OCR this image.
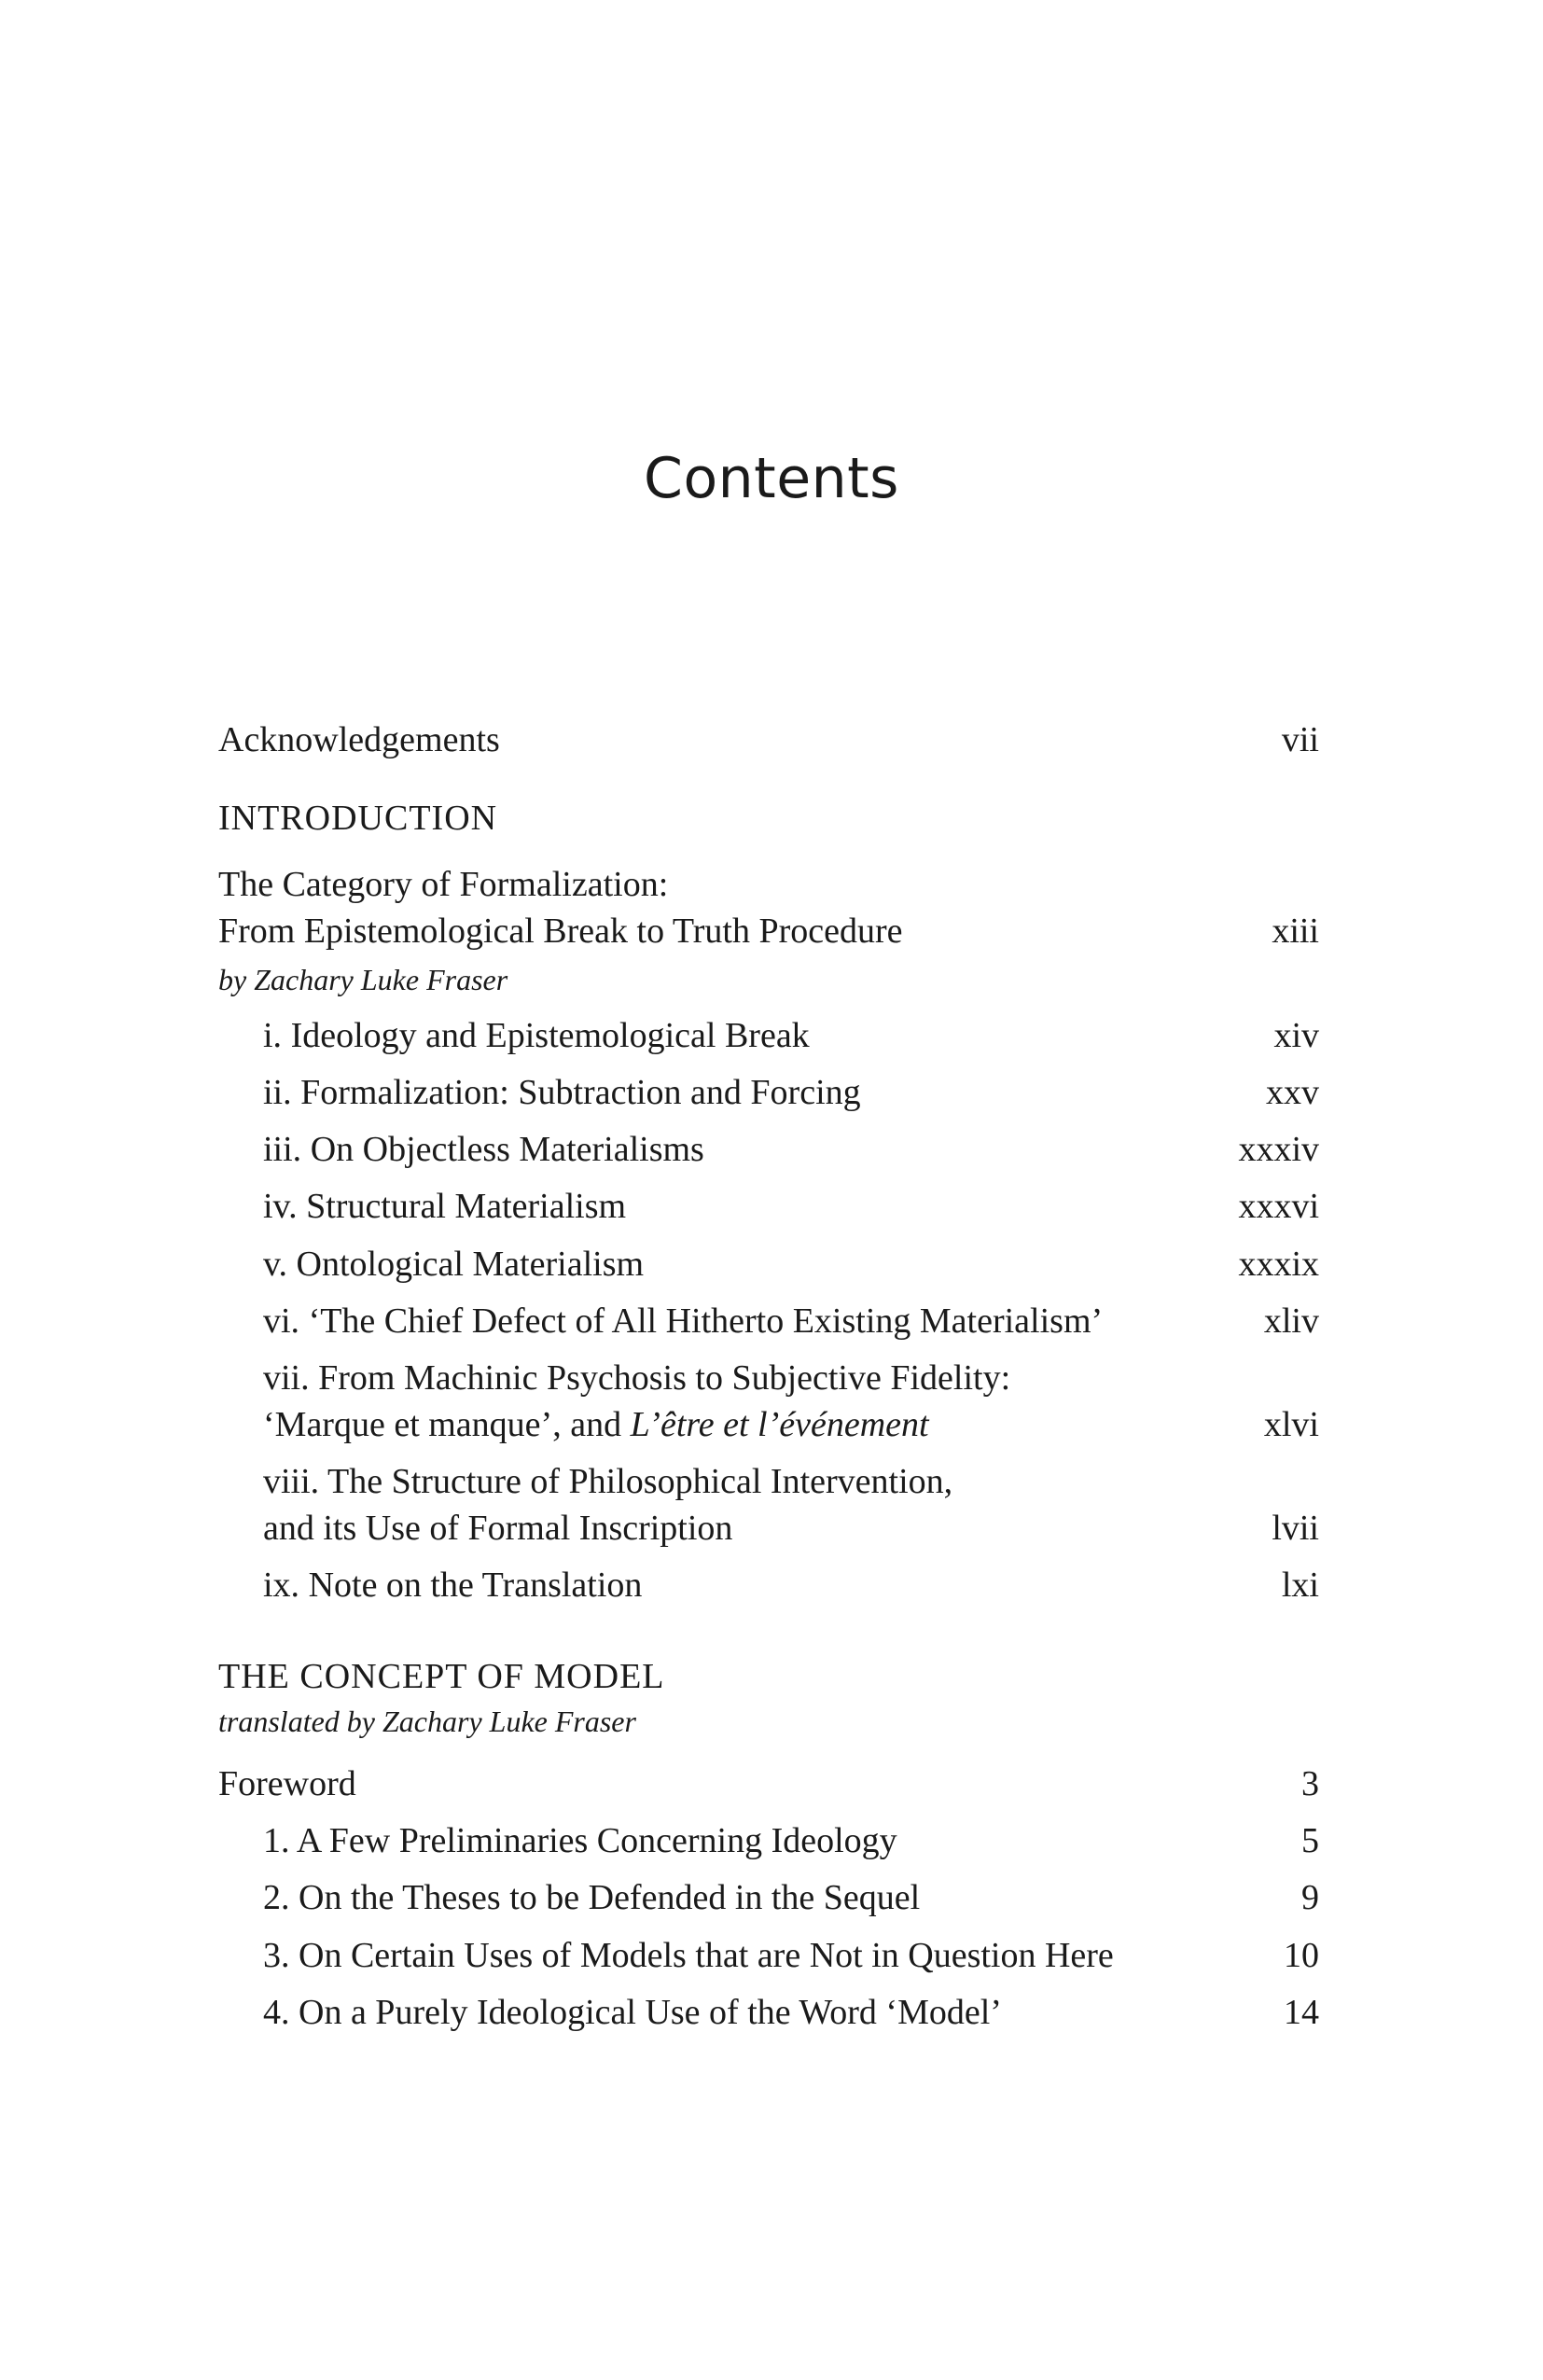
Contents
Acknowledgements	vii
INTRODUCTION
The Category of Formalization:
From Epistemological Break to Truth Procedure	xiii
by Zachary Luke Fraser
i. Ideology and Epistemological Break	xiv
ii. Formalization: Subtraction and Forcing	xxv
iii. On Objectless Materialisms	xxxiv
iv. Structural Materialism	xxxvi
v. Ontological Materialism	xxxix
vi. ‘The Chief Defect of All Hitherto Existing Materialism’	xliv
vii. From Machinic Psychosis to Subjective Fidelity:
‘Marque et manque’, and L’être et l’événement	xlvi
viii. The Structure of Philosophical Intervention,
and its Use of Formal Inscription	lvii
ix. Note on the Translation	lxi
THE CONCEPT OF MODEL
translated by Zachary Luke Fraser
Foreword	3
1. A Few Preliminaries Concerning Ideology	5
2. On the Theses to be Defended in the Sequel	9
3. On Certain Uses of Models that are Not in Question Here	10
4. On a Purely Ideological Use of the Word ‘Model’	14
